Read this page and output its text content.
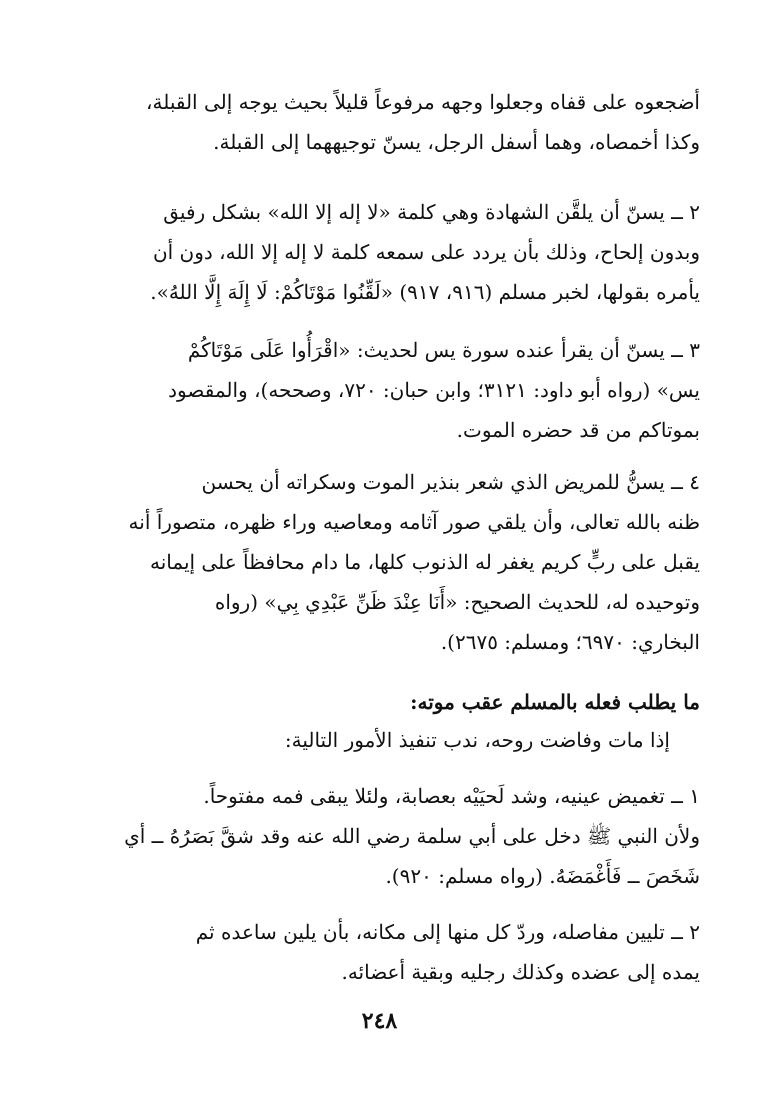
أضجعوه على قفاه وجعلوا وجهه مرفوعاً قليلاً بحيث يوجه إلى القبلة،
وكذا أخمصاه، وهما أسفل الرجل، يسنّ توجيههما إلى القبلة.
٢ ــ يسنّ أن يلقَّن الشهادة وهي كلمة «لا إله إلا الله» بشكل رفيق
وبدون إلحاح، وذلك بأن يردد على سمعه كلمة لا إله إلا الله، دون أن
يأمره بقولها، لخبر مسلم (٩١٦، ٩١٧) «لَقِّنُوا مَوْتَاكُمْ: لَا إِلَهَ إِلَّا اللهُ».
٣ ــ يسنّ أن يقرأ عنده سورة يس لحديث: «اقْرَأُوا عَلَى مَوْتَاكُمْ
يس» (رواه أبو داود: ٣١٢١؛ وابن حبان: ٧٢٠، وصححه)، والمقصود
بموتاكم من قد حضره الموت.
٤ ــ يسنُّ للمريض الذي شعر بنذير الموت وسكراته أن يحسن
ظنه بالله تعالى، وأن يلقي صور آثامه ومعاصيه وراء ظهره، متصوراً أنه
يقبل على ربٍّ كريم يغفر له الذنوب كلها، ما دام محافظاً على إيمانه
وتوحيده له، للحديث الصحيح: «أَنَا عِنْدَ ظَنِّ عَبْدِي بِي» (رواه
البخاري: ٦٩٧٠؛ ومسلم: ٢٦٧٥).
ما يطلب فعله بالمسلم عقب موته:
إذا مات وفاضت روحه، ندب تنفيذ الأمور التالية:
١ ــ تغميض عينيه، وشد لَحيَيْه بعصابة، ولئلا يبقى فمه مفتوحاً.
ولأن النبي ﷺ دخل على أبي سلمة رضي الله عنه وقد شقَّ بَصَرُهُ ــ أي
شَخَصَ ــ فَأَغْمَضَهُ. (رواه مسلم: ٩٢٠).
٢ ــ تليين مفاصله، وردّ كل منها إلى مكانه، بأن يلين ساعده ثم
يمده إلى عضده وكذلك رجليه وبقية أعضائه.
٢٤٨
